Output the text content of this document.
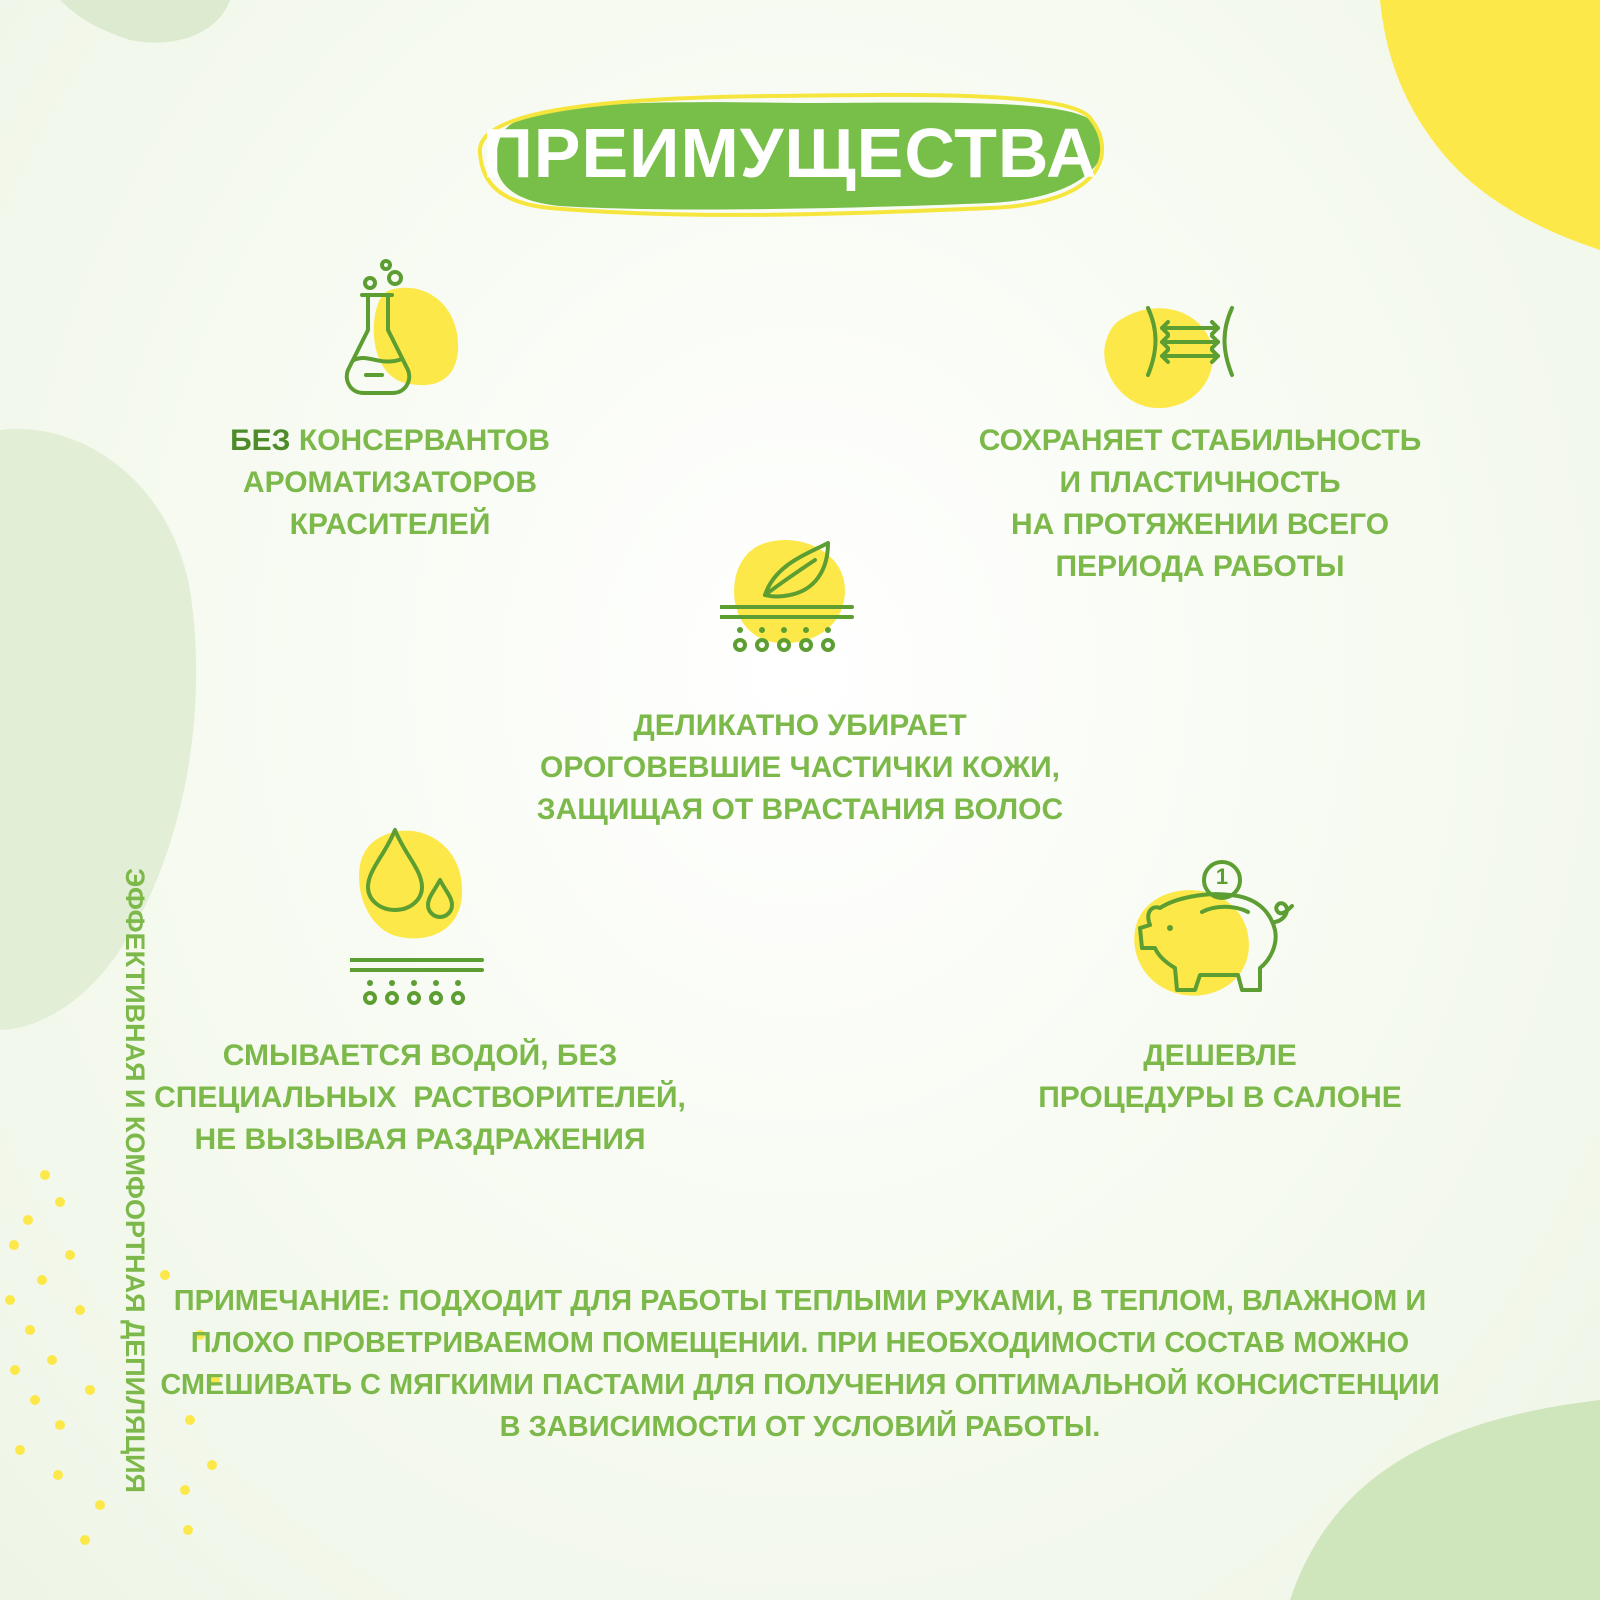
ПРЕИМУЩЕСТВА
БЕЗ КОНСЕРВАНТОВ
АРОМАТИЗАТОРОВ
КРАСИТЕЛЕЙ
СОХРАНЯЕТ СТАБИЛЬНОСТЬ
И ПЛАСТИЧНОСТЬ
НА ПРОТЯЖЕНИИ ВСЕГО
ПЕРИОДА РАБОТЫ
ДЕЛИКАТНО УБИРАЕТ
ОРОГОВЕВШИЕ ЧАСТИЧКИ КОЖИ,
ЗАЩИЩАЯ ОТ ВРАСТАНИЯ ВОЛОС
СМЫВАЕТСЯ ВОДОЙ, БЕЗ
СПЕЦИАЛЬНЫХ  РАСТВОРИТЕЛЕЙ,
НЕ ВЫЗЫВАЯ РАЗДРАЖЕНИЯ
1
ДЕШЕВЛЕ
ПРОЦЕДУРЫ В САЛОНЕ
ЭФФЕКТИВНАЯ И КОМФОРТНАЯ ДЕПИЛЯЦИЯ ПРИМЕЧАНИЕ: ПОДХОДИТ ДЛЯ РАБОТЫ ТЕПЛЫМИ РУКАМИ, В ТЕПЛОМ, ВЛАЖНОМ И ПЛОХО ПРОВЕТРИВАЕМОМ ПОМЕЩЕНИИ. ПРИ НЕОБХОДИМОСТИ СОСТАВ МОЖНО СМЕШИВАТЬ С МЯГКИМИ ПАСТАМИ ДЛЯ ПОЛУЧЕНИЯ ОПТИМАЛЬНОЙ КОНСИСТЕНЦИИ В ЗАВИСИМОСТИ ОТ УСЛОВИЙ РАБОТЫ.
